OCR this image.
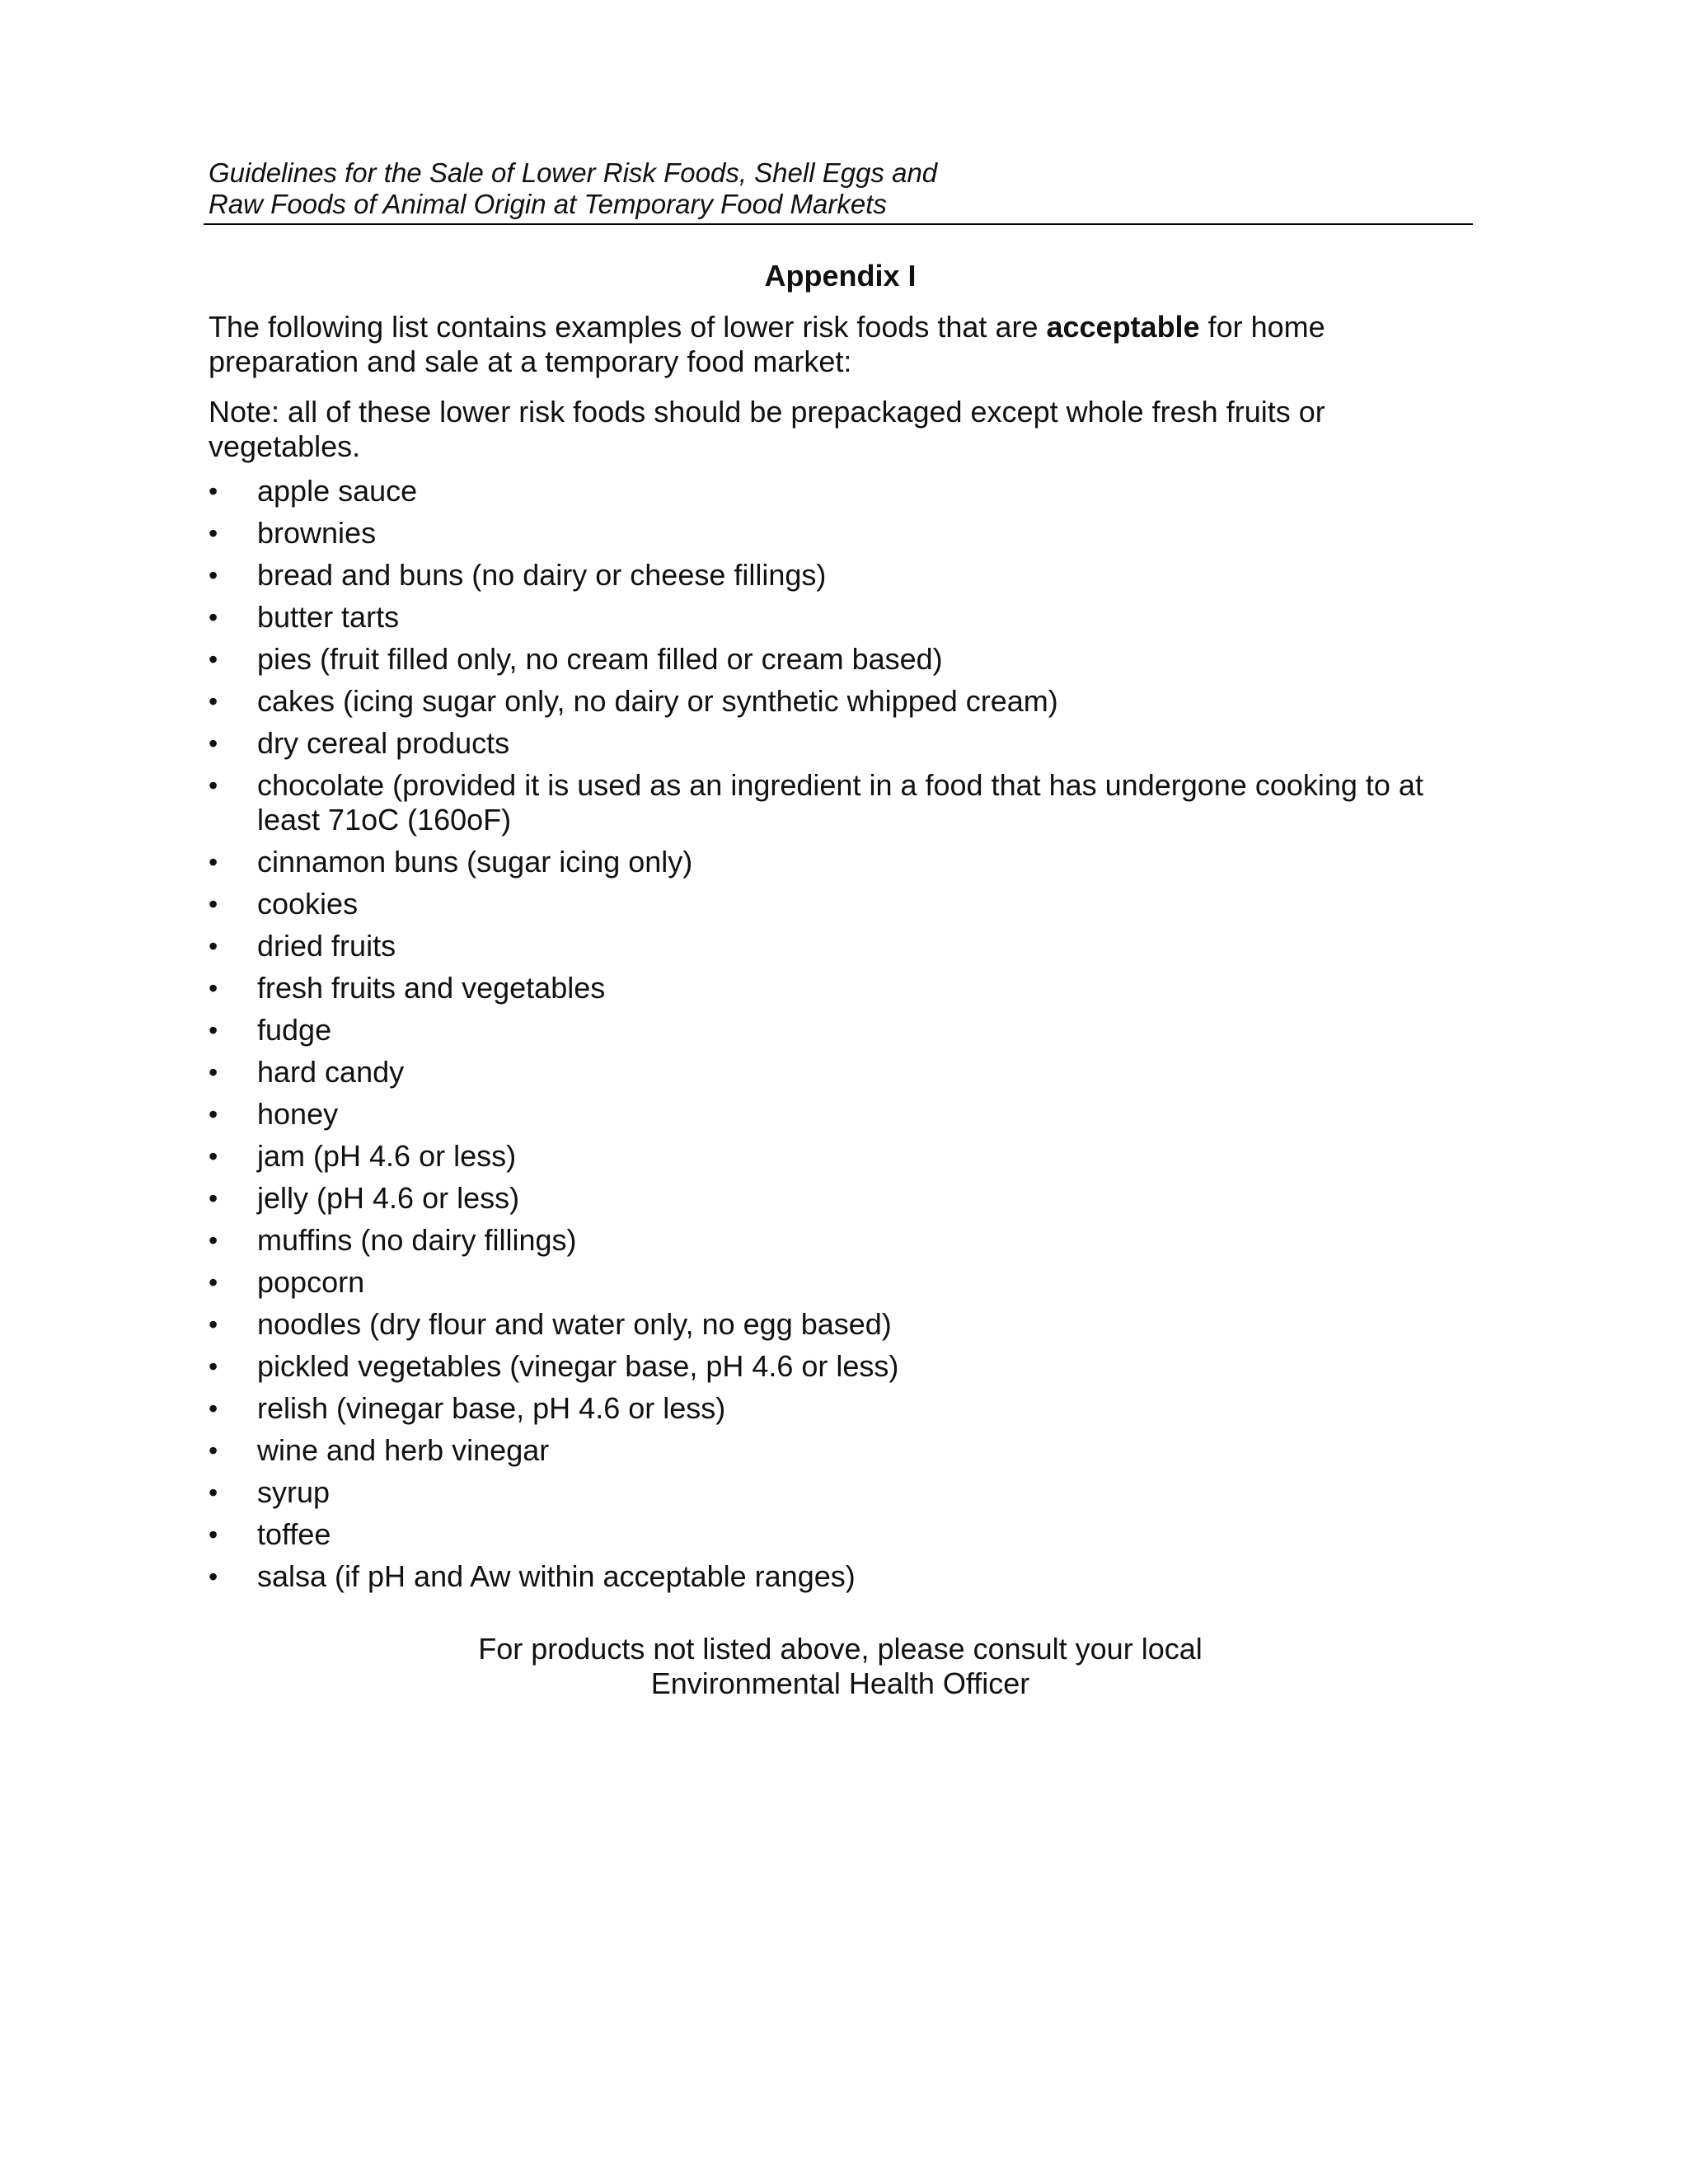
Guidelines for the Sale of Lower Risk Foods, Shell Eggs and
Raw Foods of Animal Origin at Temporary Food Markets
Appendix I

The following list contains examples of lower risk foods that are acceptable for home preparation and sale at a temporary food market:

Note: all of these lower risk foods should be prepackaged except whole fresh fruits or vegetables.

•	apple sauce
•	brownies
•	bread and buns (no dairy or cheese fillings)
•	butter tarts
•	pies (fruit filled only, no cream filled or cream based)
•	cakes (icing sugar only, no dairy or synthetic whipped cream)
•	dry cereal products
•	chocolate (provided it is used as an ingredient in a food that has undergone cooking to at least 71oC (160oF)
•	cinnamon buns (sugar icing only)
•	cookies
•	dried fruits
•	fresh fruits and vegetables
•	fudge
•	hard candy
•	honey
•	jam (pH 4.6 or less)
•	jelly (pH 4.6 or less)
•	muffins (no dairy fillings)
•	popcorn
•	noodles (dry flour and water only, no egg based)
•	pickled vegetables (vinegar base, pH 4.6 or less)
•	relish (vinegar base, pH 4.6 or less)
•	wine and herb vinegar
•	syrup
•	toffee
•	salsa (if pH and Aw within acceptable ranges)
For products not listed above, please consult your local
Environmental Health Officer
